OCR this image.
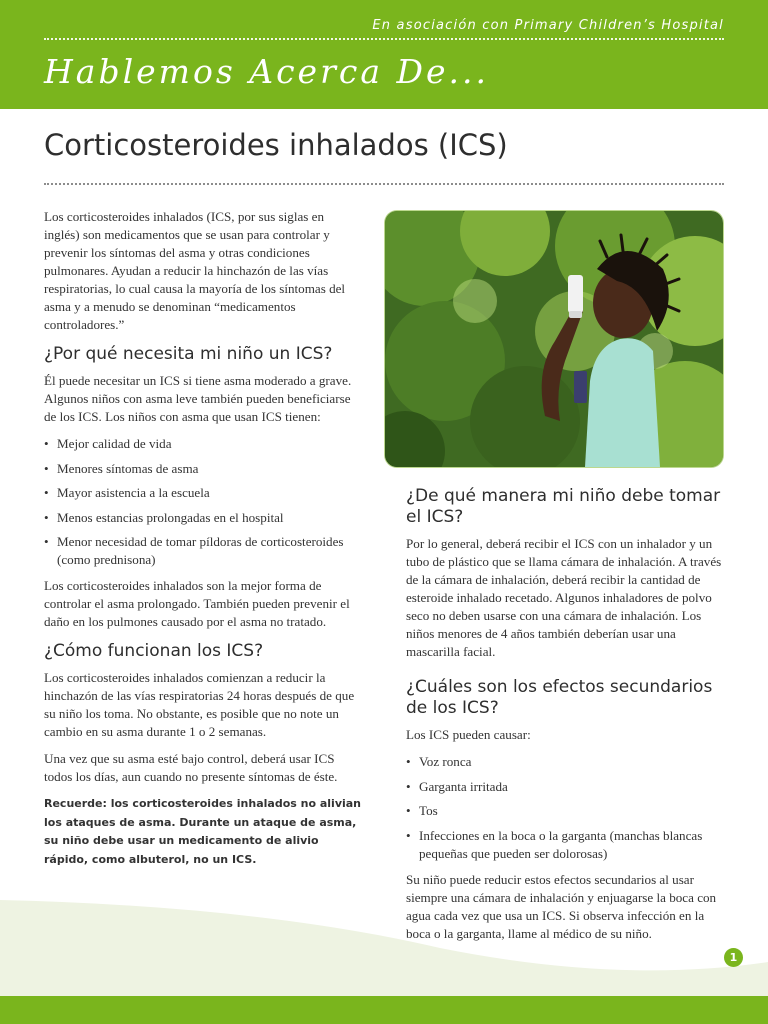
En asociación con Primary Children’s Hospital
Hablemos Acerca De...
Corticosteroides inhalados (ICS)

Los corticosteroides inhalados (ICS, por sus siglas en inglés) son medicamentos que se usan para controlar y prevenir los síntomas del asma y otras condiciones pulmonares. Ayudan a reducir la hinchazón de las vías respiratorias, lo cual causa la mayoría de los síntomas del asma y a menudo se denominan “medicamentos controladores.”

¿Por qué necesita mi niño un ICS?

Él puede necesitar un ICS si tiene asma moderado a grave. Algunos niños con asma leve también pueden beneficiarse de los ICS. Los niños con asma que usan ICS tienen:

• Mejor calidad de vida
• Menores síntomas de asma
• Mayor asistencia a la escuela
• Menos estancias prolongadas en el hospital
• Menor necesidad de tomar píldoras de corticosteroides (como prednisona)

Los corticosteroides inhalados son la mejor forma de controlar el asma prolongado. También pueden prevenir el daño en los pulmones causado por el asma no tratado.

¿Cómo funcionan los ICS?

Los corticosteroides inhalados comienzan a reducir la hinchazón de las vías respiratorias 24 horas después de que su niño los toma. No obstante, es posible que no note un cambio en su asma durante 1 o 2 semanas.

Una vez que su asma esté bajo control, deberá usar ICS todos los días, aun cuando no presente síntomas de éste.

Recuerde: los corticosteroides inhalados no alivian los ataques de asma. Durante un ataque de asma, su niño debe usar un medicamento de alivio rápido, como albuterol, no un ICS.
¿De qué manera mi niño debe tomar el ICS?

Por lo general, deberá recibir el ICS con un inhalador y un tubo de plástico que se llama cámara de inhalación. A través de la cámara de inhalación, deberá recibir la cantidad de esteroide inhalado recetado. Algunos inhaladores de polvo seco no deben usarse con una cámara de inhalación. Los niños menores de 4 años también deberían usar una mascarilla facial.

¿Cuáles son los efectos secundarios de los ICS?

Los ICS pueden causar:

• Voz ronca
• Garganta irritada
• Tos
• Infecciones en la boca o la garganta (manchas blancas pequeñas que pueden ser dolorosas)

Su niño puede reducir estos efectos secundarios al usar siempre una cámara de inhalación y enjuagarse la boca con agua cada vez que usa un ICS. Si observa infección en la boca o la garganta, llame al médico de su niño.

1
